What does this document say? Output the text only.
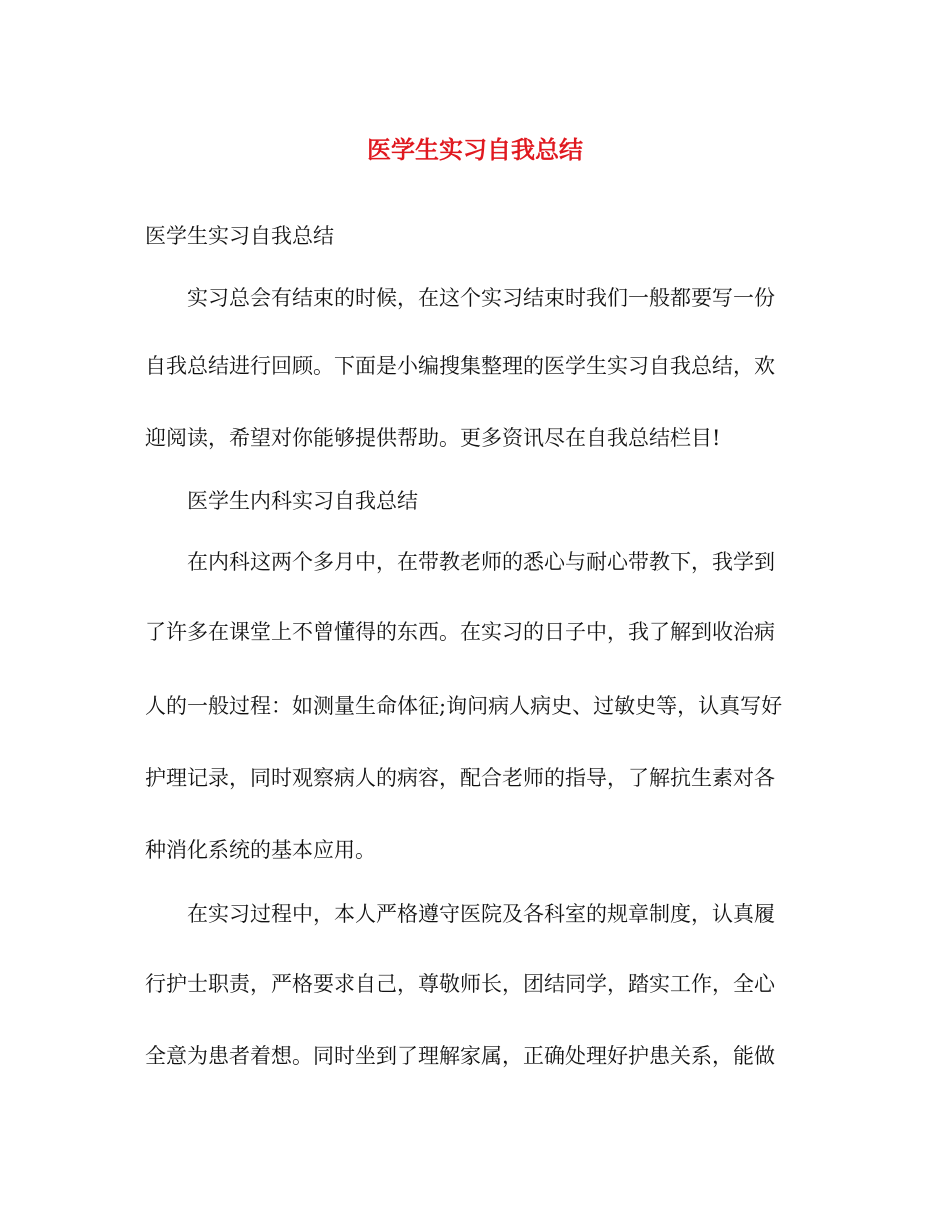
医学生实习自我总结

医学生实习自我总结

实习总会有结束的时候，在这个实习结束时我们一般都要写一份

自我总结进行回顾。下面是小编搜集整理的医学生实习自我总结，欢

迎阅读，希望对你能够提供帮助。更多资讯尽在自我总结栏目!

医学生内科实习自我总结

在内科这两个多月中，在带教老师的悉心与耐心带教下，我学到

了许多在课堂上不曾懂得的东西。在实习的日子中，我了解到收治病

人的一般过程：如测量生命体征;询问病人病史、过敏史等，认真写好

护理记录，同时观察病人的病容，配合老师的指导，了解抗生素对各

种消化系统的基本应用。

在实习过程中，本人严格遵守医院及各科室的规章制度，认真履

行护士职责，严格要求自己，尊敬师长，团结同学，踏实工作，全心

全意为患者着想。同时坐到了理解家属，正确处理好护患关系，能做
